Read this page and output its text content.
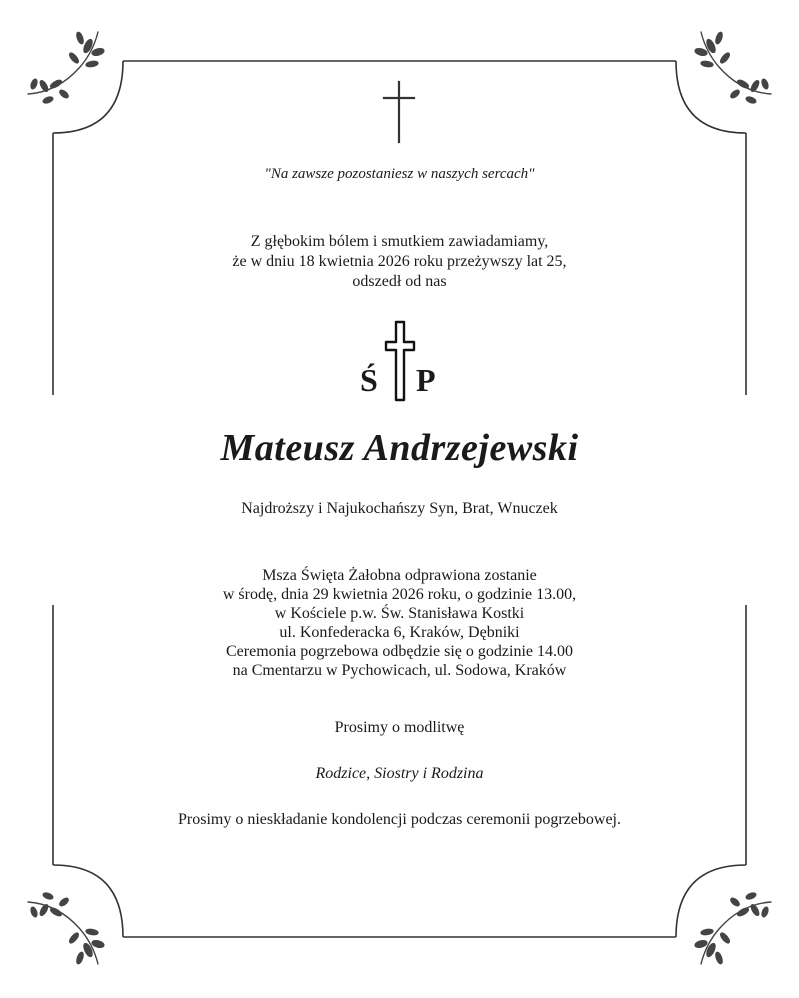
"Na zawsze pozostaniesz w naszych sercach"
Z głębokim bólem i smutkiem zawiadamiamy,
że w dniu 18 kwietnia 2026 roku przeżywszy lat 25,
odszedł od nas
Ś P
Mateusz Andrzejewski
Najdroższy i Najukochańszy Syn, Brat, Wnuczek
Msza Święta Żałobna odprawiona zostanie
w środę, dnia 29 kwietnia 2026 roku, o godzinie 13.00,
w Kościele p.w. Św. Stanisława Kostki
ul. Konfederacka 6, Kraków, Dębniki
Ceremonia pogrzebowa odbędzie się o godzinie 14.00
na Cmentarzu w Pychowicach, ul. Sodowa, Kraków
Prosimy o modlitwę
Rodzice, Siostry i Rodzina
Prosimy o nieskładanie kondolencji podczas ceremonii pogrzebowej.
